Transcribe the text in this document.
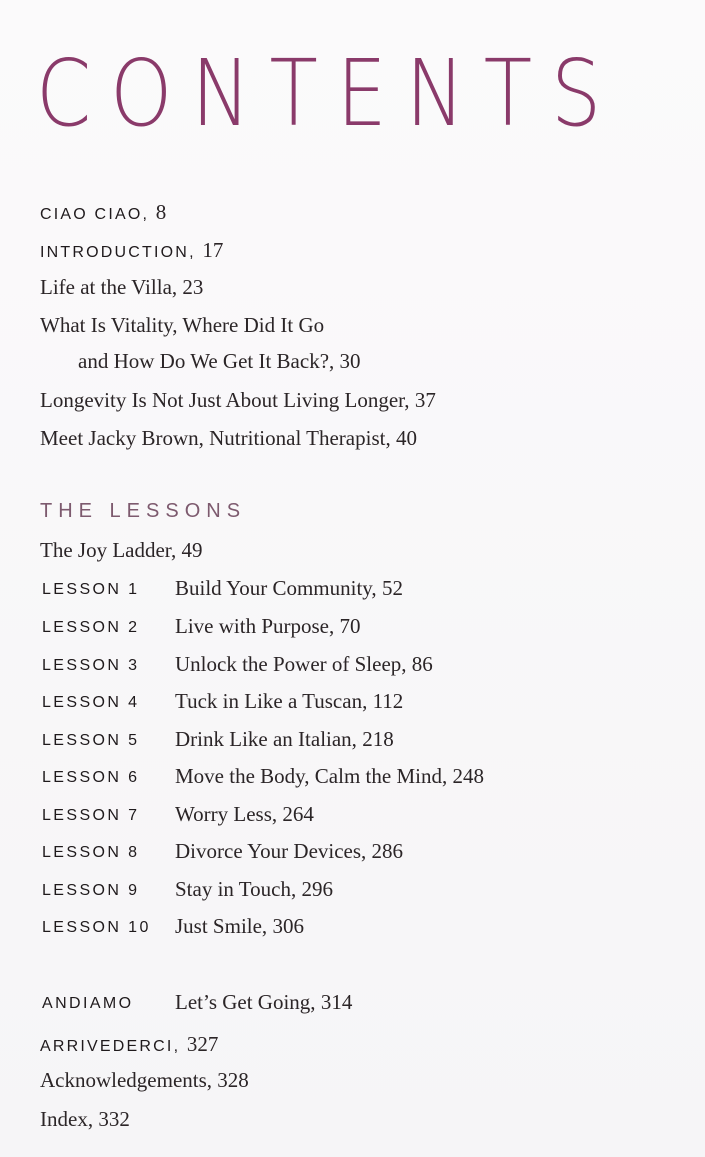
CONTENTS
CIAO CIAO, 8
INTRODUCTION, 17
Life at the Villa, 23
What Is Vitality, Where Did It Go
and How Do We Get It Back?, 30
Longevity Is Not Just About Living Longer, 37
Meet Jacky Brown, Nutritional Therapist, 40
THE LESSONS
The Joy Ladder, 49
LESSON 1 Build Your Community, 52
LESSON 2 Live with Purpose, 70
LESSON 3 Unlock the Power of Sleep, 86
LESSON 4 Tuck in Like a Tuscan, 112
LESSON 5 Drink Like an Italian, 218
LESSON 6 Move the Body, Calm the Mind, 248
LESSON 7 Worry Less, 264
LESSON 8 Divorce Your Devices, 286
LESSON 9 Stay in Touch, 296
LESSON 10 Just Smile, 306
ANDIAMO Let’s Get Going, 314
ARRIVEDERCI, 327
Acknowledgements, 328
Index, 332
